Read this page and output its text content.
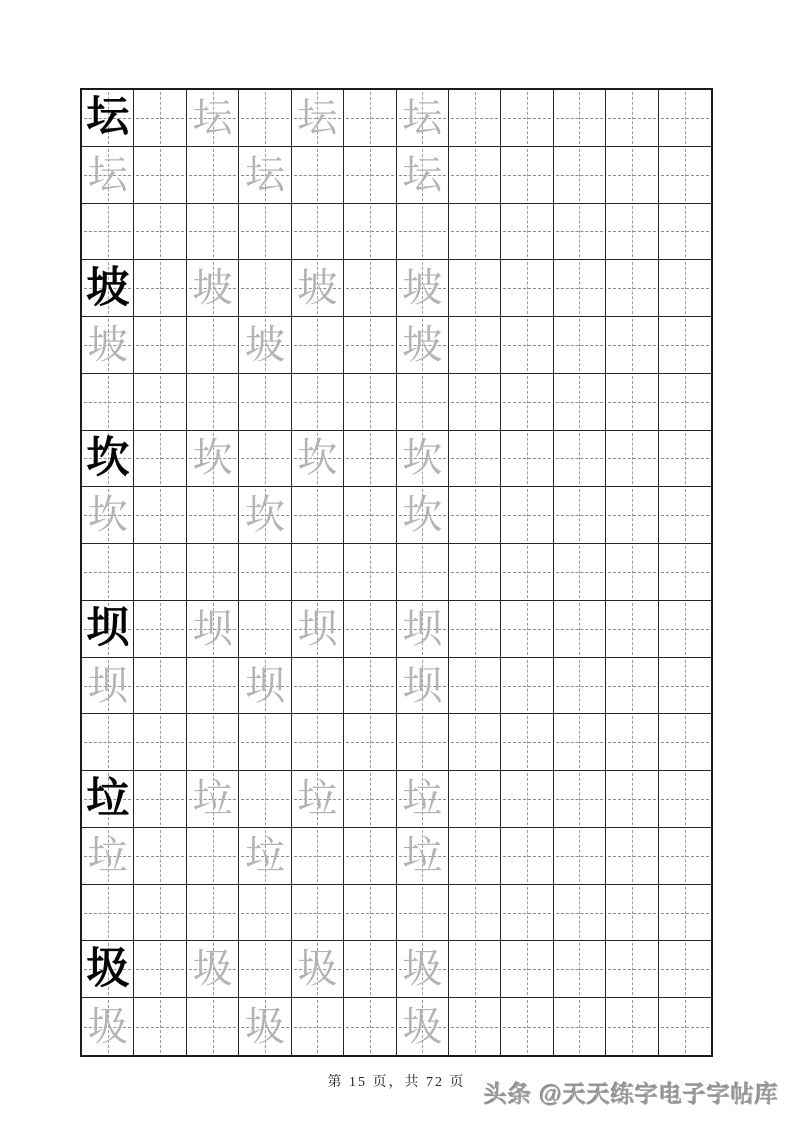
坛 坛 坛 坛
坛	坛	坛
坡 坡 坡 坡
坡	坡	坡
坎 坎 坎 坎
坎	坎	坎
坝 坝 坝 坝
坝	坝	坝
垃 垃 垃 垃
垃	垃	垃
圾 圾 圾 圾
圾	圾	圾
第 15 页，共 72 页 头条 @天天练字电子字帖库
